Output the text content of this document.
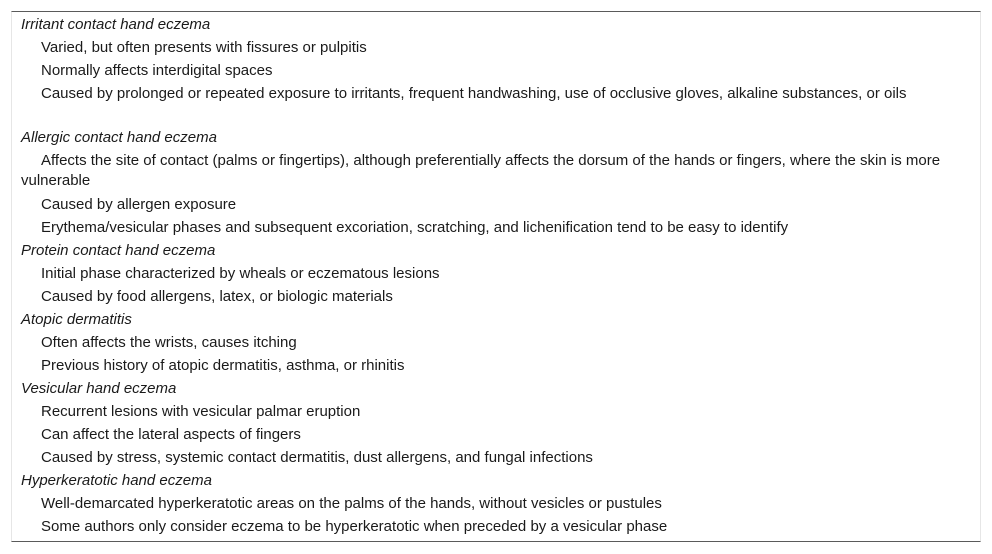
Irritant contact hand eczema

Varied, but often presents with fissures or pulpitis

Normally affects interdigital spaces

Caused by prolonged or repeated exposure to irritants, frequent handwashing, use of occlusive gloves, alkaline substances, or oils

Allergic contact hand eczema

Affects the site of contact (palms or fingertips), although preferentially affects the dorsum of the hands or fingers, where the skin is more vulnerable

Caused by allergen exposure

Erythema/vesicular phases and subsequent excoriation, scratching, and lichenification tend to be easy to identify

Protein contact hand eczema

Initial phase characterized by wheals or eczematous lesions

Caused by food allergens, latex, or biologic materials

Atopic dermatitis

Often affects the wrists, causes itching

Previous history of atopic dermatitis, asthma, or rhinitis

Vesicular hand eczema

Recurrent lesions with vesicular palmar eruption

Can affect the lateral aspects of fingers

Caused by stress, systemic contact dermatitis, dust allergens, and fungal infections

Hyperkeratotic hand eczema

Well-demarcated hyperkeratotic areas on the palms of the hands, without vesicles or pustules

Some authors only consider eczema to be hyperkeratotic when preceded by a vesicular phase
